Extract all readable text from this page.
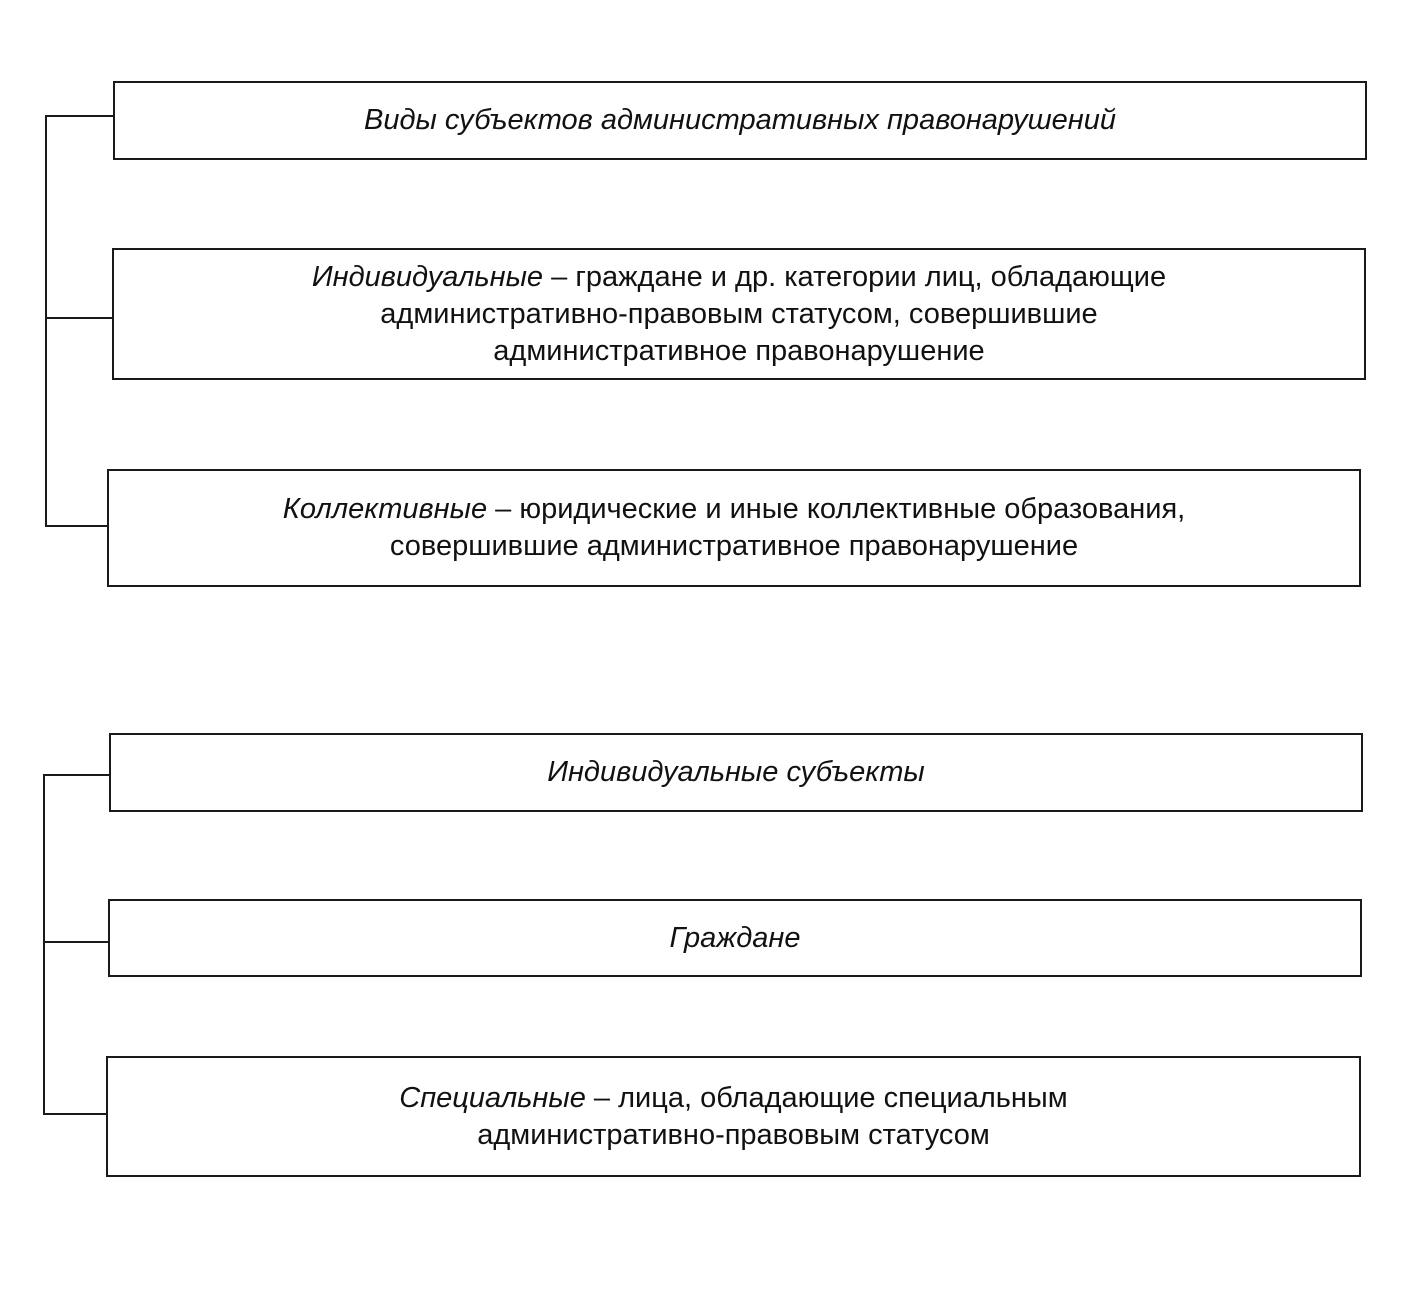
Виды субъектов административных правонарушений
Индивидуальные – граждане и др. категории лиц, обладающие
административно-правовым статусом, совершившие
административное правонарушение
Коллективные – юридические и иные коллективные образования,
совершившие административное правонарушение
Индивидуальные субъекты
Граждане
Специальные – лица, обладающие специальным
административно-правовым статусом
